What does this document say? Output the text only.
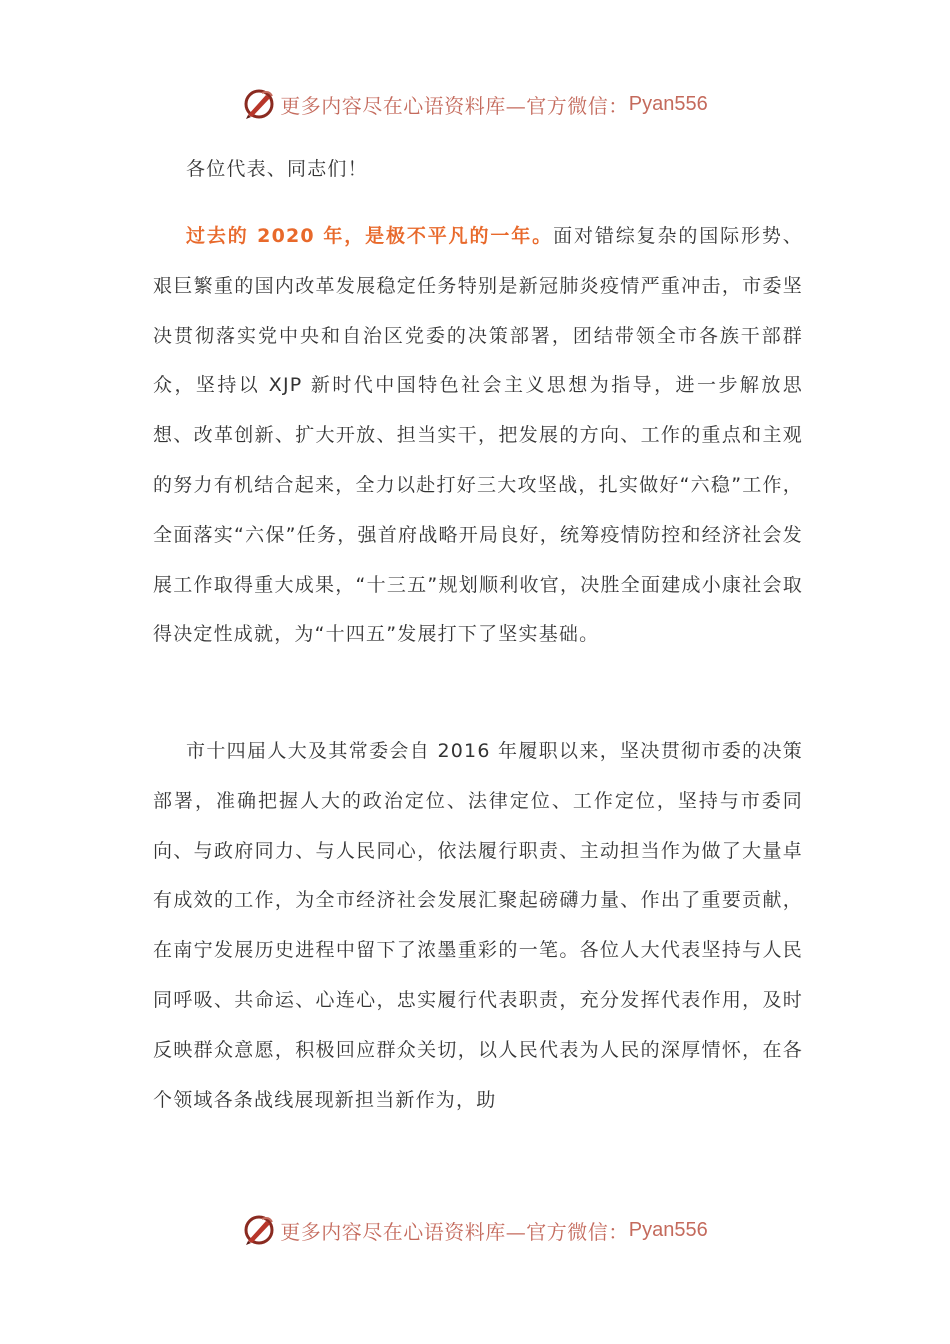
更多内容尽在心语资料库—官方微信： Pyan556
各位代表、同志们！
过去的 2020 年，是极不平凡的一年。面对错综复杂的国际形势、艰巨繁重的国内改革发展稳定任务特别是新冠肺炎疫情严重冲击，市委坚决贯彻落实党中央和自治区党委的决策部署，团结带领全市各族干部群众，坚持以 XJP 新时代中国特色社会主义思想为指导，进一步解放思想、改革创新、扩大开放、担当实干，把发展的方向、工作的重点和主观的努力有机结合起来，全力以赴打好三大攻坚战，扎实做好“六稳”工作，全面落实“六保”任务，强首府战略开局良好，统筹疫情防控和经济社会发展工作取得重大成果，“十三五”规划顺利收官，决胜全面建成小康社会取得决定性成就，为“十四五”发展打下了坚实基础。
市十四届人大及其常委会自 2016 年履职以来，坚决贯彻市委的决策部署，准确把握人大的政治定位、法律定位、工作定位，坚持与市委同向、与政府同力、与人民同心，依法履行职责、主动担当作为做了大量卓有成效的工作，为全市经济社会发展汇聚起磅礴力量、作出了重要贡献，在南宁发展历史进程中留下了浓墨重彩的一笔。各位人大代表坚持与人民同呼吸、共命运、心连心，忠实履行代表职责，充分发挥代表作用，及时反映群众意愿，积极回应群众关切，以人民代表为人民的深厚情怀，在各个领域各条战线展现新担当新作为，助
更多内容尽在心语资料库—官方微信： Pyan556
